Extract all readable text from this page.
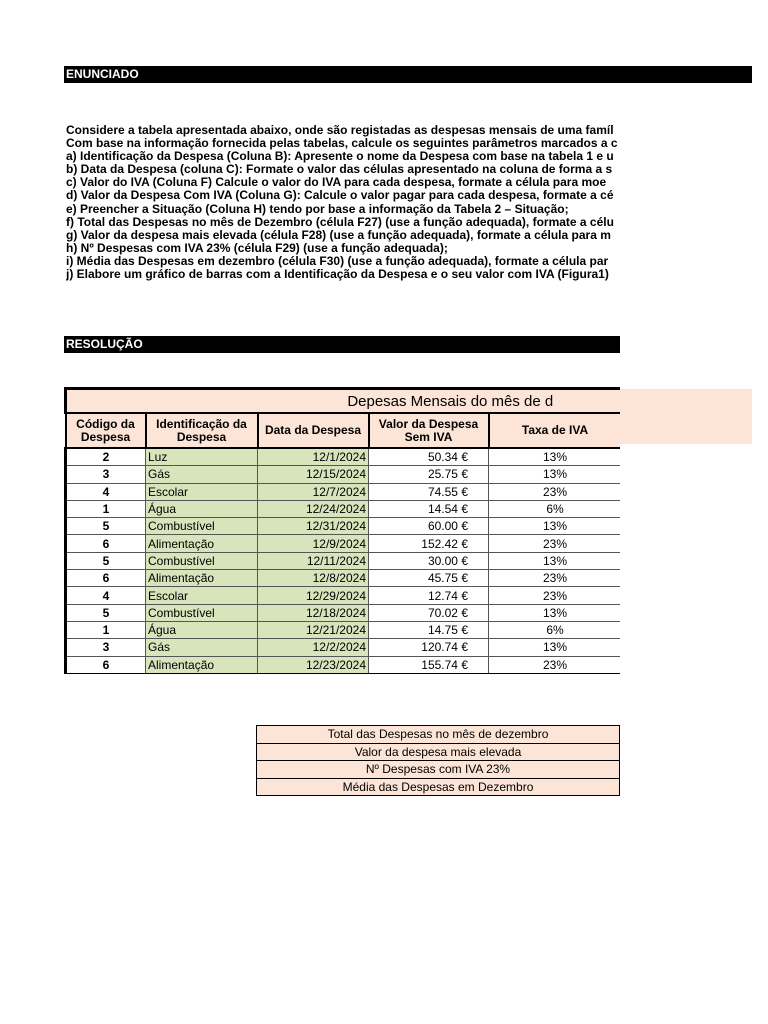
ENUNCIADO
Considere a tabela apresentada abaixo, onde são registadas as despesas mensais de uma famíl
Com base na informação fornecida pelas tabelas, calcule os seguintes parâmetros marcados a c
a) Identificação da Despesa (Coluna B): Apresente o nome da Despesa com base na tabela 1 e u
b) Data da Despesa (coluna C): Formate o valor das células apresentado na coluna de forma a s
c) Valor do IVA (Coluna F) Calcule o valor do IVA para cada despesa, formate a célula para moe
d) Valor da Despesa Com IVA (Coluna G): Calcule o valor pagar para cada despesa, formate a cé
e) Preencher a Situação (Coluna H) tendo por base a informação da Tabela 2 – Situação;
f) Total das Despesas no mês de Dezembro (célula F27) (use a função adequada), formate a célu
g) Valor da despesa mais elevada (célula F28) (use a função adequada), formate a célula para m
h) Nº Despesas com IVA 23% (célula F29) (use a função adequada);
i) Média das Despesas em dezembro (célula F30) (use a função adequada), formate a célula par
j) Elabore um gráfico de barras com a Identificação da Despesa e o seu valor com IVA (Figura1)
RESOLUÇÃO
Depesas Mensais do mês de d					
Código da Despesa	Identificação da Despesa	Data da Despesa	Valor da Despesa Sem IVA	Taxa de IVA	
2	Luz	12/1/2024	50.34 €	13%	
3	Gás	12/15/2024	25.75 €	13%	
4	Escolar	12/7/2024	74.55 €	23%	
1	Água	12/24/2024	14.54 €	6%	
5	Combustível	12/31/2024	60.00 €	13%	
6	Alimentação	12/9/2024	152.42 €	23%	
5	Combustível	12/11/2024	30.00 €	13%	
6	Alimentação	12/8/2024	45.75 €	23%	
4	Escolar	12/29/2024	12.74 €	23%	
5	Combustível	12/18/2024	70.02 €	13%	
1	Água	12/21/2024	14.75 €	6%	
3	Gás	12/2/2024	120.74 €	13%	
6	Alimentação	12/23/2024	155.74 €	23%	
Total das Despesas no mês de dezembro
Valor da despesa mais elevada
Nº Despesas com IVA 23%
Média das Despesas em Dezembro
